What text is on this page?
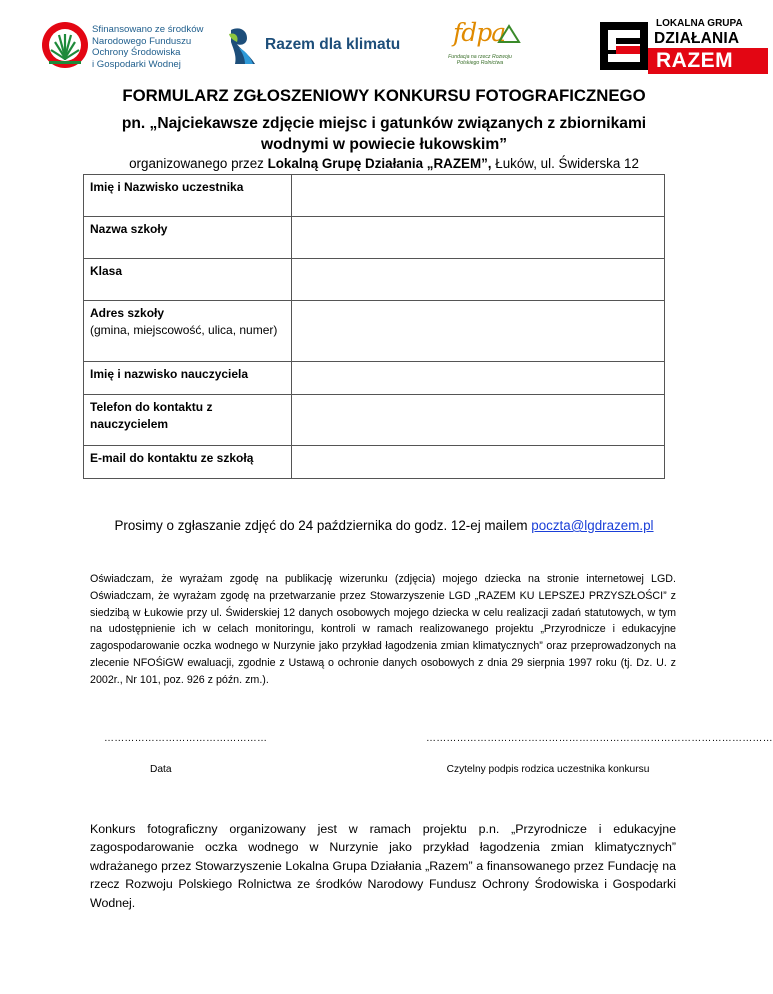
Sfinansowano ze środków
Narodowego Funduszu
Ochrony Środowiska
i Gospodarki Wodnej
Razem dla klimatu fdpa
Fundacja na rzecz Rozwoju Polskiego Rolnictwa
LOKALNA GRUPA
DZIAŁANIA
RAZEM
FORMULARZ ZGŁOSZENIOWY KONKURSU FOTOGRAFICZNEGO
pn. „Najciekawsze zdjęcie miejsc i gatunków związanych z zbiornikami wodnymi w powiecie łukowskim”
organizowanego przez Lokalną Grupę Działania „RAZEM”, Łuków, ul. Świderska 12
Imię i Nazwisko uczestnika	
Nazwa szkoły	
Klasa	

Adres szkoły
(gmina, miejscowość, ulica, numer)	

Imię i nazwisko nauczyciela	
Telefon do kontaktu z nauczycielem	
E-mail do kontaktu ze szkołą	
Prosimy o zgłaszanie zdjęć do 24 października do godz. 12-ej mailem poczta@lgdrazem.pl
Oświadczam, że wyrażam zgodę na publikację wizerunku (zdjęcia) mojego dziecka na stronie internetowej LGD. Oświadczam, że wyrażam zgodę na przetwarzanie przez Stowarzyszenie LGD „RAZEM KU LEPSZEJ PRZYSZŁOŚCI” z siedzibą w Łukowie przy ul. Świderskiej 12 danych osobowych mojego dziecka w celu realizacji zadań statutowych, w tym na udostępnienie ich w celach monitoringu, kontroli w ramach realizowanego projektu „Przyrodnicze i edukacyjne zagospodarowanie oczka wodnego w Nurzynie jako przykład łagodzenia zmian klimatycznych” oraz przeprowadzonych na zlecenie NFOŚiGW ewaluacji, zgodnie z Ustawą o ochronie danych osobowych z dnia 29 sierpnia 1997 roku (tj. Dz. U. z 2002r., Nr 101, poz. 926 z późn. zm.).
…………………………………………	…………………………………………………………………………………………
Data	Czytelny podpis rodzica uczestnika konkursu
Konkurs fotograficzny organizowany jest w ramach projektu p.n. „Przyrodnicze i edukacyjne zagospodarowanie oczka wodnego w Nurzynie jako przykład łagodzenia zmian klimatycznych” wdrażanego przez Stowarzyszenie Lokalna Grupa Działania „Razem” a finansowanego przez Fundację na rzecz Rozwoju Polskiego Rolnictwa ze środków Narodowy Fundusz Ochrony Środowiska i Gospodarki Wodnej.
